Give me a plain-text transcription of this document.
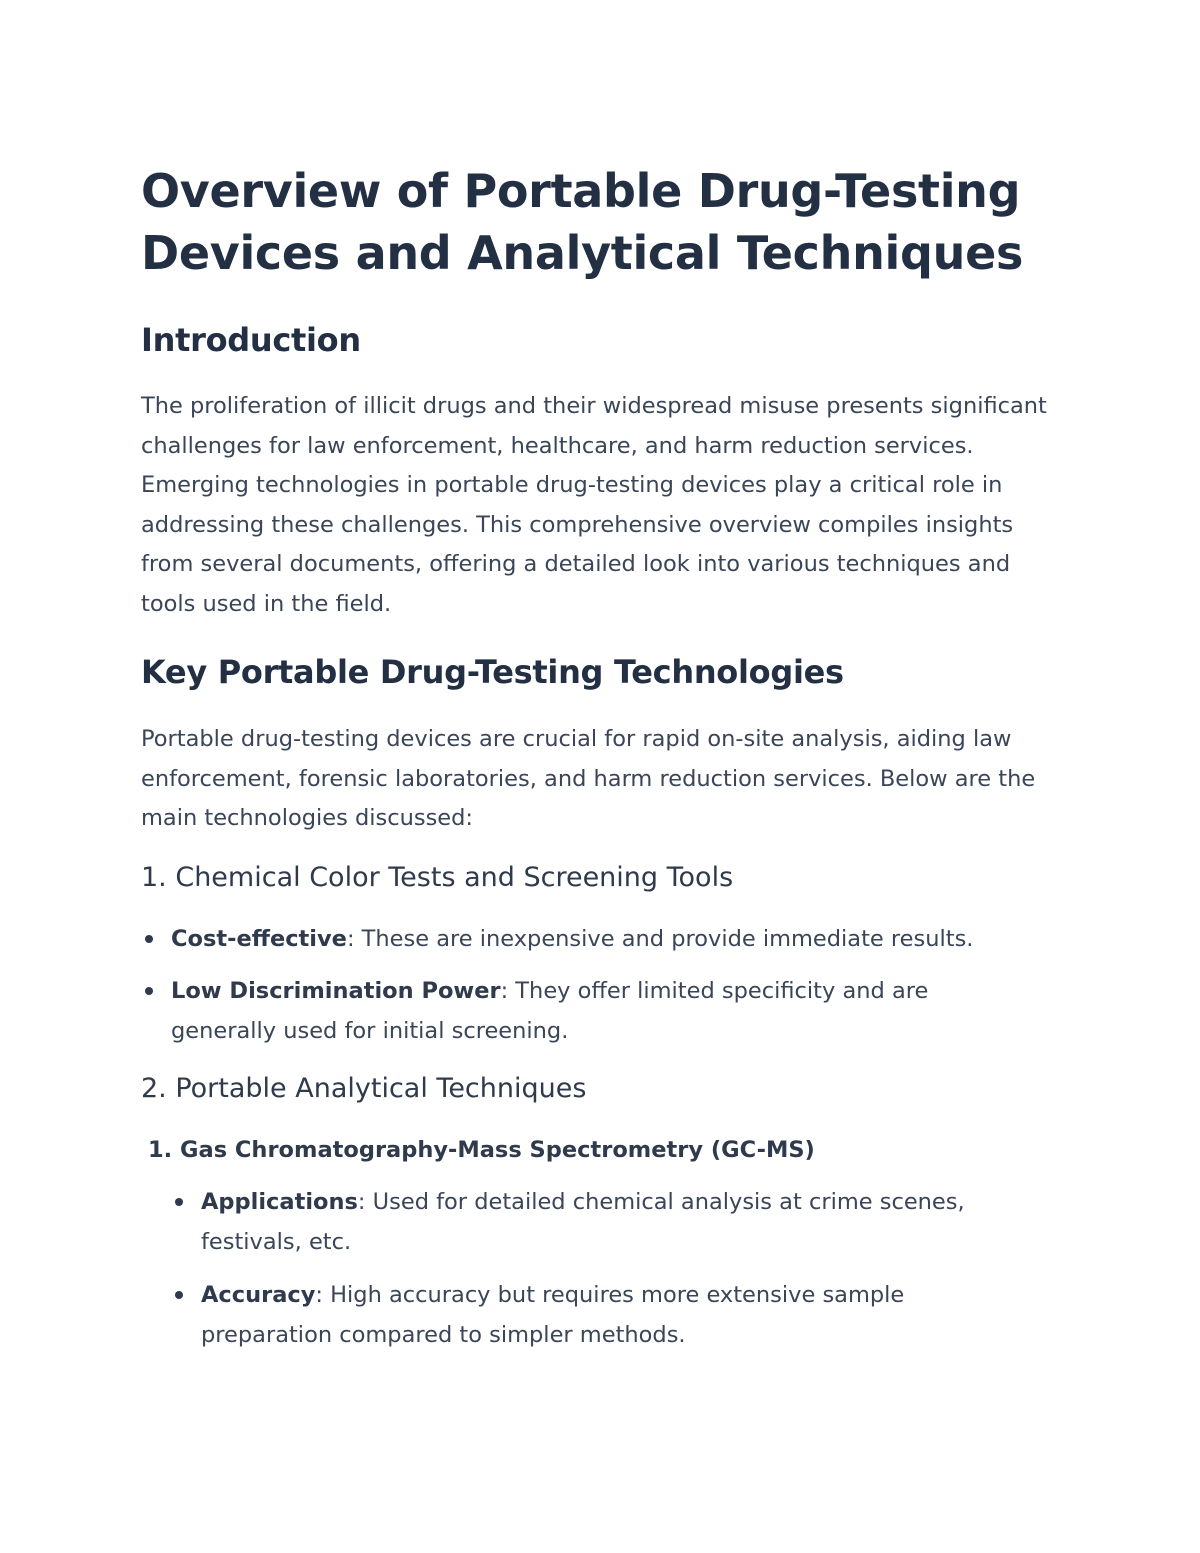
Overview of Portable Drug-Testing Devices and Analytical Techniques
Introduction

The proliferation of illicit drugs and their widespread misuse presents significant challenges for law enforcement, healthcare, and harm reduction services. Emerging technologies in portable drug-testing devices play a critical role in addressing these challenges. This comprehensive overview compiles insights from several documents, offering a detailed look into various techniques and tools used in the field.

Key Portable Drug-Testing Technologies

Portable drug-testing devices are crucial for rapid on-site analysis, aiding law enforcement, forensic laboratories, and harm reduction services. Below are the main technologies discussed:

1. Chemical Color Tests and Screening Tools
Cost-effective: These are inexpensive and provide immediate results.
Low Discrimination Power: They offer limited specificity and are generally used for initial screening.
2. Portable Analytical Techniques
1. Gas Chromatography-Mass Spectrometry (GC-MS)
Applications: Used for detailed chemical analysis at crime scenes, festivals, etc.
Accuracy: High accuracy but requires more extensive sample preparation compared to simpler methods.
